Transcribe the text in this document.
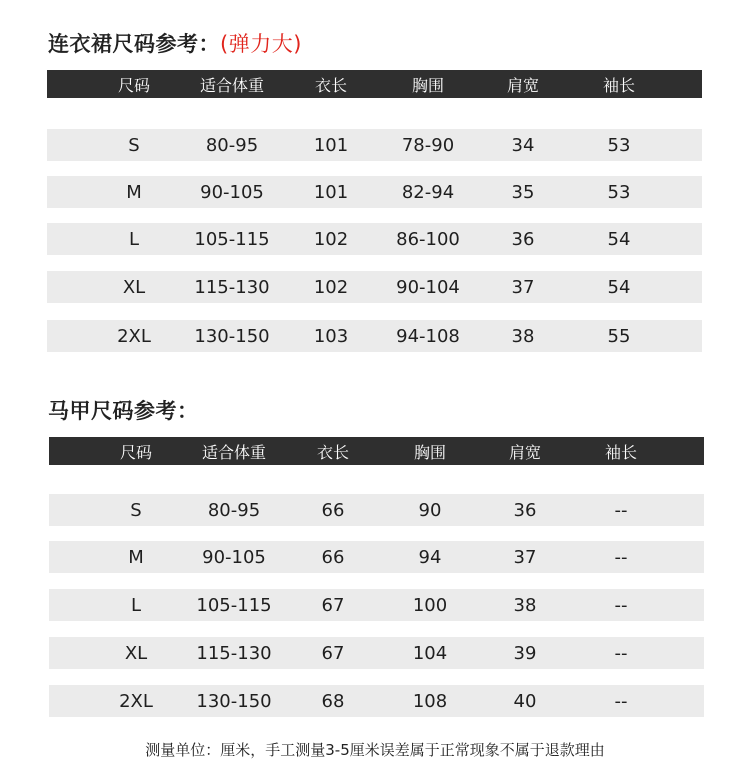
连衣裙尺码参考：(弹力大)
尺码	适合体重	衣长	胸围	肩宽	袖长
S	80-95	101	78-90	34	53
M	90-105	101	82-94	35	53
L	105-115 102	86-100	36	54
XL	115-130 102	90-104	37	54
2XL 130-150 103	94-108	38	55
马甲尺码参考：
尺码	适合体重	衣长	胸围	肩宽	袖长
S	80-95	66	90	36	--
M	90-105	66	94	37	--
L	105-115	67	100	38	--
XL	115-130	67	104	39	--
2XL 130-150	68	108	40	--
测量单位：厘米，手工测量3-5厘米误差属于正常现象不属于退款理由
